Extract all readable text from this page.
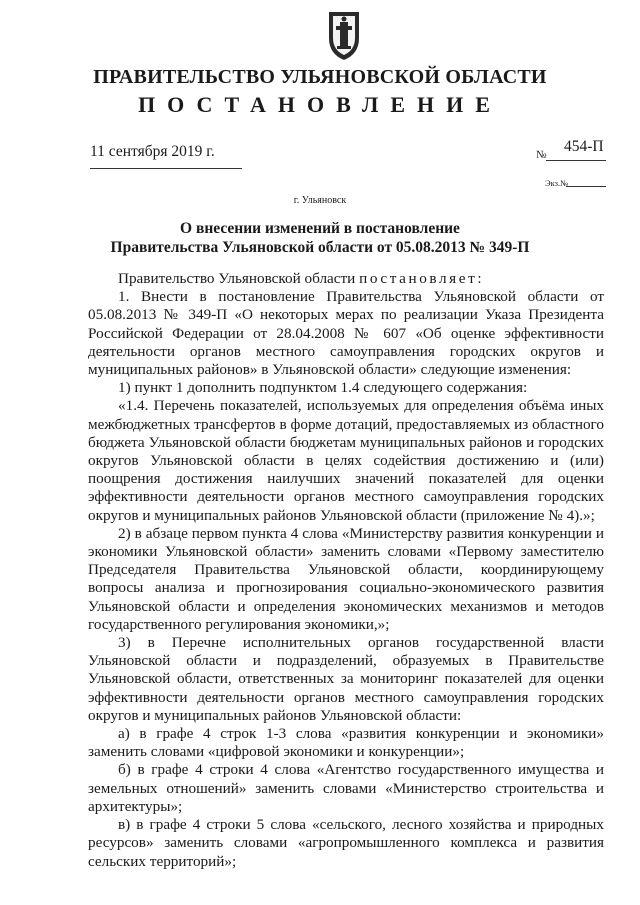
ПРАВИТЕЛЬСТВО УЛЬЯНОВСКОЙ ОБЛАСТИ
ПОСТАНОВЛЕНИЕ
11 сентября 2019 г.	№ 454-П
Экз.№
г. Ульяновск
О внесении изменений в постановление
Правительства Ульяновской области от 05.08.2013 № 349-П

Правительство Ульяновской области постановляет:

1. Внести в постановление Правительства Ульяновской области от 05.08.2013 № 349-П «О некоторых мерах по реализации Указа Президента Российской Федерации от 28.04.2008 № 607 «Об оценке эффективности деятельности органов местного самоуправления городских округов и муниципальных районов» в Ульяновской области» следующие изменения:

1) пункт 1 дополнить подпунктом 1.4 следующего содержания:

«1.4. Перечень показателей, используемых для определения объёма иных межбюджетных трансфертов в форме дотаций, предоставляемых из областного бюджета Ульяновской области бюджетам муниципальных районов и городских округов Ульяновской области в целях содействия достижению и (или) поощрения достижения наилучших значений показателей для оценки эффективности деятельности органов местного самоуправления городских округов и муниципальных районов Ульяновской области (приложение № 4).»;

2) в абзаце первом пункта 4 слова «Министерству развития конкуренции и экономики Ульяновской области» заменить словами «Первому заместителю Председателя Правительства Ульяновской области, координирующему вопросы анализа и прогнозирования социально-экономического развития Ульяновской области и определения экономических механизмов и методов государственного регулирования экономики,»;

3) в Перечне исполнительных органов государственной власти Ульяновской области и подразделений, образуемых в Правительстве Ульяновской области, ответственных за мониторинг показателей для оценки эффективности деятельности органов местного самоуправления городских округов и муниципальных районов Ульяновской области:

а) в графе 4 строк 1-3 слова «развития конкуренции и экономики» заменить словами «цифровой экономики и конкуренции»;

б) в графе 4 строки 4 слова «Агентство государственного имущества и земельных отношений» заменить словами «Министерство строительства и архитектуры»;

в) в графе 4 строки 5 слова «сельского, лесного хозяйства и природных ресурсов» заменить словами «агропромышленного комплекса и развития сельских территорий»;
